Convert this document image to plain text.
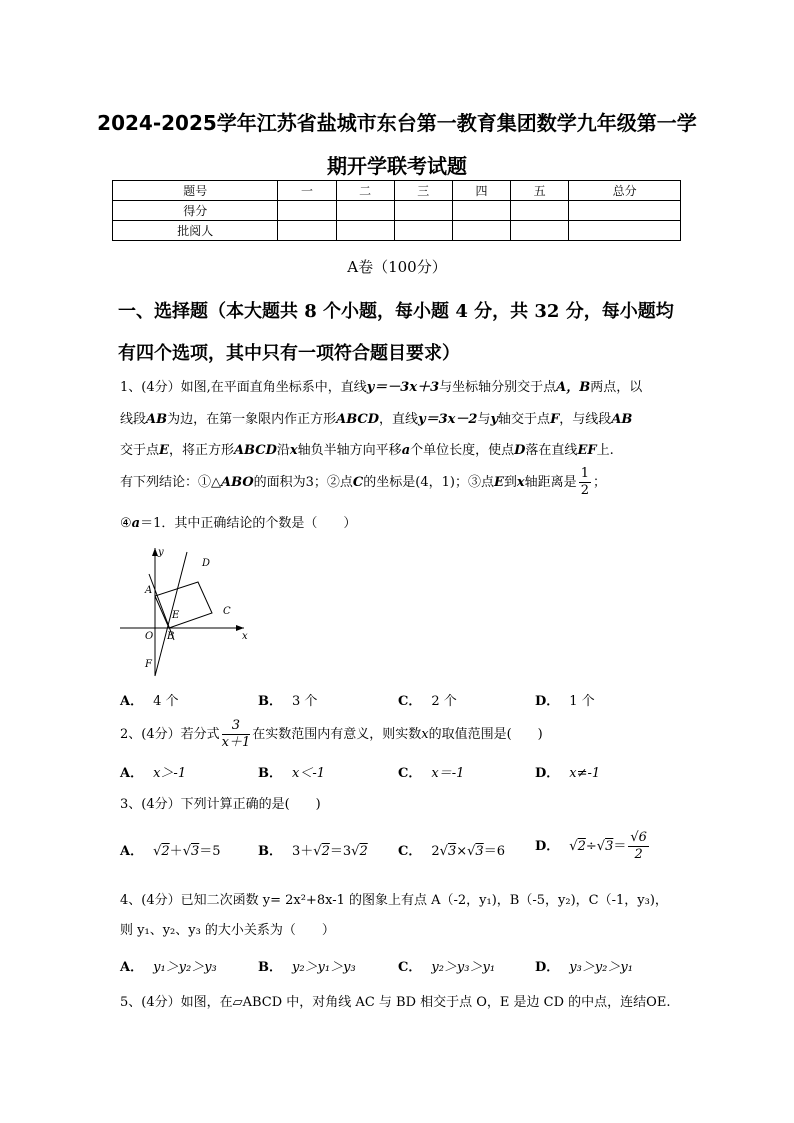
2024-2025学年江苏省盐城市东台第一教育集团数学九年级第一学
期开学联考试题
题号	一	二	三	四	五	总分
得分						
批阅人						
A卷（100分）
一、选择题（本大题共 8 个小题，每小题 4 分，共 32 分，每小题均
有四个选项，其中只有一项符合题目要求）
1、(4分）如图,在平面直角坐标系中，直线y＝－3x＋3与坐标轴分别交于点A，B两点，以
线段AB为边，在第一象限内作正方形ABCD，直线y＝3x－2与y轴交于点F，与线段AB
交于点E，将正方形ABCD沿x轴负半轴方向平移a个单位长度，使点D落在直线EF上.
有下列结论：①△ABO的面积为3；②点C的坐标是(4，1)；③点E到x轴距离是 $\frac{1}{2}$ ；
④a＝1．其中正确结论的个数是（　　）
y
x
D
A
C
E
O B
F
A． 4 个	B． 3 个	C． 2 个	D． 1 个
2、(4分）若分式 $\frac{3}{x+1}$ 在实数范围内有意义，则实数x的取值范围是(　　)
A． x＞-1	B． x＜-1	C． x＝-1	D． x≠-1
3、(4分）下列计算正确的是(　　)
A． √2＋√3＝5	B． 3＋√2＝3√2 C． 2√3×√3＝6 D． $√2\div√3= \frac{√6}{2}$
4、(4分）已知二次函数 y= 2x²+8x-1 的图象上有点 A（-2，y₁)，B（-5，y₂)，C（-1，y₃)，
则 y₁、y₂、y₃ 的大小关系为（　　）
A． y₁＞y₂＞y₃	B． y₂＞y₁＞y₃	C． y₂＞y₃＞y₁	D． y₃＞y₂＞y₁
5、(4分）如图，在▱ABCD 中，对角线 AC 与 BD 相交于点 O，E 是边 CD 的中点，连结OE.
